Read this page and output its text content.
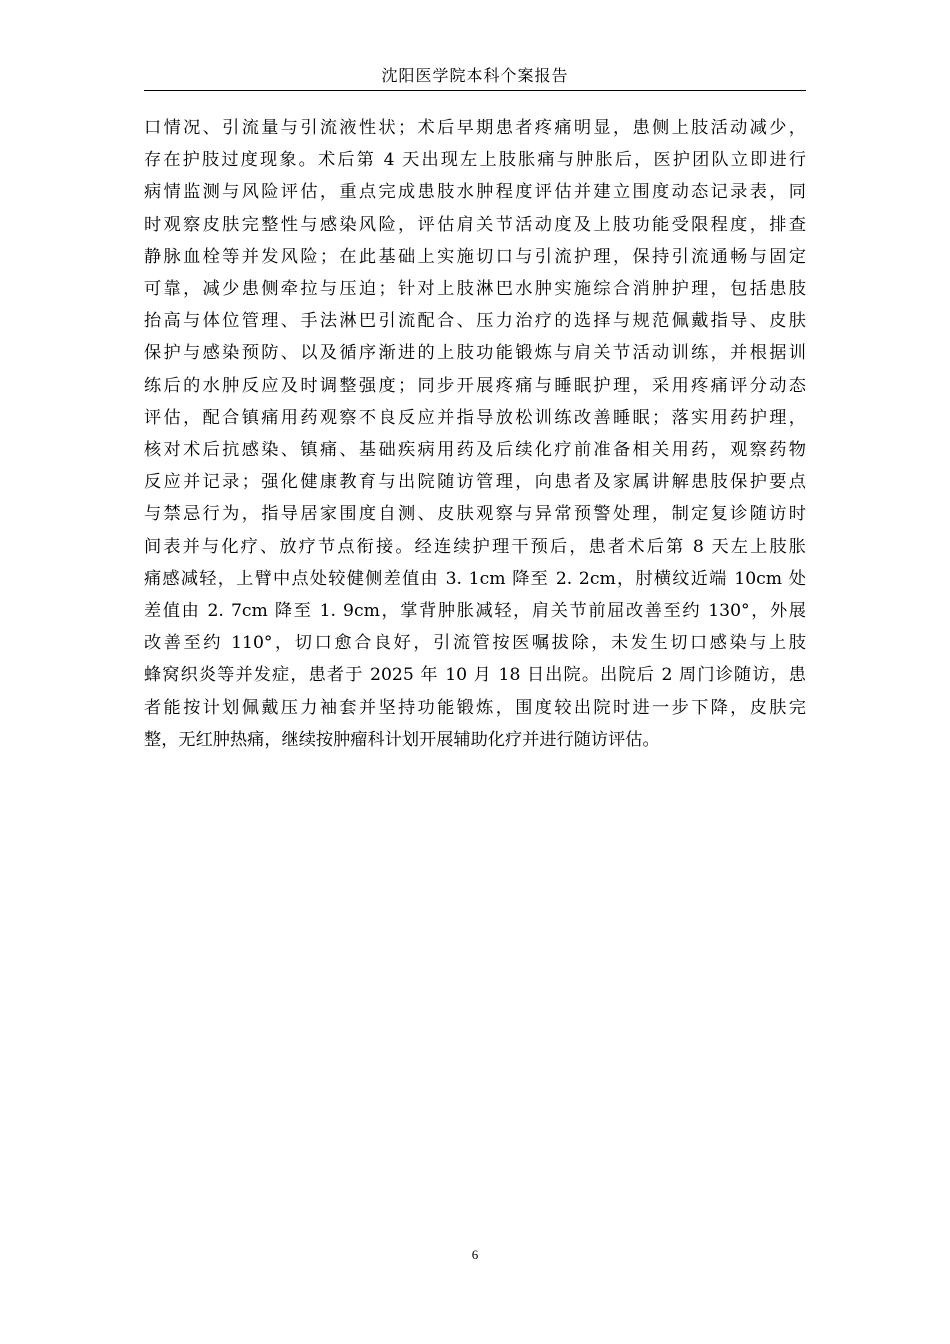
沈阳医学院本科个案报告
口情况、引流量与引流液性状；术后早期患者疼痛明显，患侧上肢活动减少，
存在护肢过度现象。术后第 4 天出现左上肢胀痛与肿胀后，医护团队立即进行
病情监测与风险评估，重点完成患肢水肿程度评估并建立围度动态记录表，同
时观察皮肤完整性与感染风险，评估肩关节活动度及上肢功能受限程度，排查
静脉血栓等并发风险；在此基础上实施切口与引流护理，保持引流通畅与固定
可靠，减少患侧牵拉与压迫；针对上肢淋巴水肿实施综合消肿护理，包括患肢
抬高与体位管理、手法淋巴引流配合、压力治疗的选择与规范佩戴指导、皮肤
保护与感染预防、以及循序渐进的上肢功能锻炼与肩关节活动训练，并根据训
练后的水肿反应及时调整强度；同步开展疼痛与睡眠护理，采用疼痛评分动态
评估，配合镇痛用药观察不良反应并指导放松训练改善睡眠；落实用药护理，
核对术后抗感染、镇痛、基础疾病用药及后续化疗前准备相关用药，观察药物
反应并记录；强化健康教育与出院随访管理，向患者及家属讲解患肢保护要点
与禁忌行为，指导居家围度自测、皮肤观察与异常预警处理，制定复诊随访时
间表并与化疗、放疗节点衔接。经连续护理干预后，患者术后第 8 天左上肢胀
痛感减轻，上臂中点处较健侧差值由 3. 1cm 降至 2. 2cm，肘横纹近端 10cm 处
差值由 2. 7cm 降至 1. 9cm，掌背肿胀减轻，肩关节前屈改善至约 130°，外展
改善至约 110°，切口愈合良好，引流管按医嘱拔除，未发生切口感染与上肢
蜂窝织炎等并发症，患者于 2025 年 10 月 18 日出院。出院后 2 周门诊随访，患
者能按计划佩戴压力袖套并坚持功能锻炼，围度较出院时进一步下降，皮肤完
整，无红肿热痛，继续按肿瘤科计划开展辅助化疗并进行随访评估。
6
